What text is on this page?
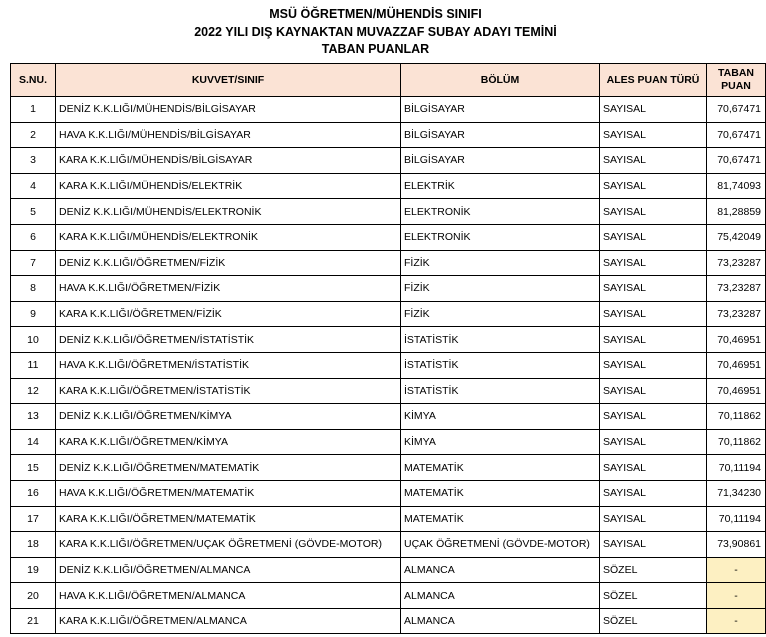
MSÜ ÖĞRETMEN/MÜHENDİS SINIFI
2022 YILI DIŞ KAYNAKTAN MUVAZZAF SUBAY ADAYI TEMİNİ
TABAN PUANLAR
S.NU.	KUVVET/SINIF	BÖLÜM	ALES PUAN TÜRÜ	TABAN PUAN
1	DENİZ K.K.LIĞI/MÜHENDİS/BİLGİSAYAR	BİLGİSAYAR	SAYISAL	70,67471
2	HAVA K.K.LIĞI/MÜHENDİS/BİLGİSAYAR	BİLGİSAYAR	SAYISAL	70,67471
3	KARA K.K.LIĞI/MÜHENDİS/BİLGİSAYAR	BİLGİSAYAR	SAYISAL	70,67471
4	KARA K.K.LIĞI/MÜHENDİS/ELEKTRİK	ELEKTRİK	SAYISAL	81,74093
5	DENİZ K.K.LIĞI/MÜHENDİS/ELEKTRONİK	ELEKTRONİK	SAYISAL	81,28859
6	KARA K.K.LIĞI/MÜHENDİS/ELEKTRONİK	ELEKTRONİK	SAYISAL	75,42049
7	DENİZ K.K.LIĞI/ÖĞRETMEN/FİZİK	FİZİK	SAYISAL	73,23287
8	HAVA K.K.LIĞI/ÖĞRETMEN/FİZİK	FİZİK	SAYISAL	73,23287
9	KARA K.K.LIĞI/ÖĞRETMEN/FİZİK	FİZİK	SAYISAL	73,23287
10	DENİZ K.K.LIĞI/ÖĞRETMEN/İSTATİSTİK	İSTATİSTİK	SAYISAL	70,46951
11	HAVA K.K.LIĞI/ÖĞRETMEN/İSTATİSTİK	İSTATİSTİK	SAYISAL	70,46951
12	KARA K.K.LIĞI/ÖĞRETMEN/İSTATİSTİK	İSTATİSTİK	SAYISAL	70,46951
13	DENİZ K.K.LIĞI/ÖĞRETMEN/KİMYA	KİMYA	SAYISAL	70,11862
14	KARA K.K.LIĞI/ÖĞRETMEN/KİMYA	KİMYA	SAYISAL	70,11862
15	DENİZ K.K.LIĞI/ÖĞRETMEN/MATEMATİK	MATEMATİK	SAYISAL	70,11194
16	HAVA K.K.LIĞI/ÖĞRETMEN/MATEMATİK	MATEMATİK	SAYISAL	71,34230
17	KARA K.K.LIĞI/ÖĞRETMEN/MATEMATİK	MATEMATİK	SAYISAL	70,11194
18	KARA K.K.LIĞI/ÖĞRETMEN/UÇAK ÖĞRETMENİ (GÖVDE-MOTOR)	UÇAK ÖĞRETMENİ (GÖVDE-MOTOR)	SAYISAL	73,90861
19	DENİZ K.K.LIĞI/ÖĞRETMEN/ALMANCA	ALMANCA	SÖZEL	-
20	HAVA K.K.LIĞI/ÖĞRETMEN/ALMANCA	ALMANCA	SÖZEL	-
21	KARA K.K.LIĞI/ÖĞRETMEN/ALMANCA	ALMANCA	SÖZEL	-
